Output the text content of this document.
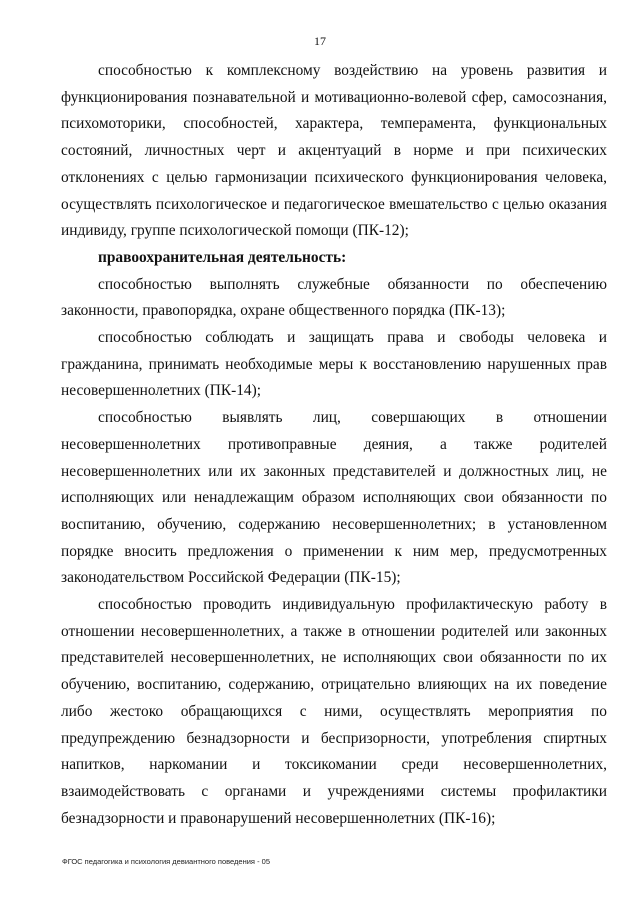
17

способностью к комплексному воздействию на уровень развития и функционирования познавательной и мотивационно-волевой сфер, самосознания, психомоторики, способностей, характера, темперамента, функциональных состояний, личностных черт и акцентуаций в норме и при психических отклонениях с целью гармонизации психического функционирования человека, осуществлять психологическое и педагогическое вмешательство с целью оказания индивиду, группе психологической помощи (ПК-12);

правоохранительная деятельность:

способностью выполнять служебные обязанности по обеспечению законности, правопорядка, охране общественного порядка (ПК-13);

способностью соблюдать и защищать права и свободы человека и гражданина, принимать необходимые меры к восстановлению нарушенных прав несовершеннолетних (ПК-14);

способностью выявлять лиц, совершающих в отношении несовершеннолетних противоправные деяния, а также родителей несовершеннолетних или их законных представителей и должностных лиц, не исполняющих или ненадлежащим образом исполняющих свои обязанности по воспитанию, обучению, содержанию несовершеннолетних; в установленном порядке вносить предложения о применении к ним мер, предусмотренных законодательством Российской Федерации (ПК-15);

способностью проводить индивидуальную профилактическую работу в отношении несовершеннолетних, а также в отношении родителей или законных представителей несовершеннолетних, не исполняющих свои обязанности по их обучению, воспитанию, содержанию, отрицательно влияющих на их поведение либо жестоко обращающихся с ними, осуществлять мероприятия по предупреждению безнадзорности и беспризорности, употребления спиртных напитков, наркомании и токсикомании среди несовершеннолетних, взаимодействовать с органами и учреждениями системы профилактики безнадзорности и правонарушений несовершеннолетних (ПК-16);

ФГОС педагогика и психология девиантного поведения - 05
